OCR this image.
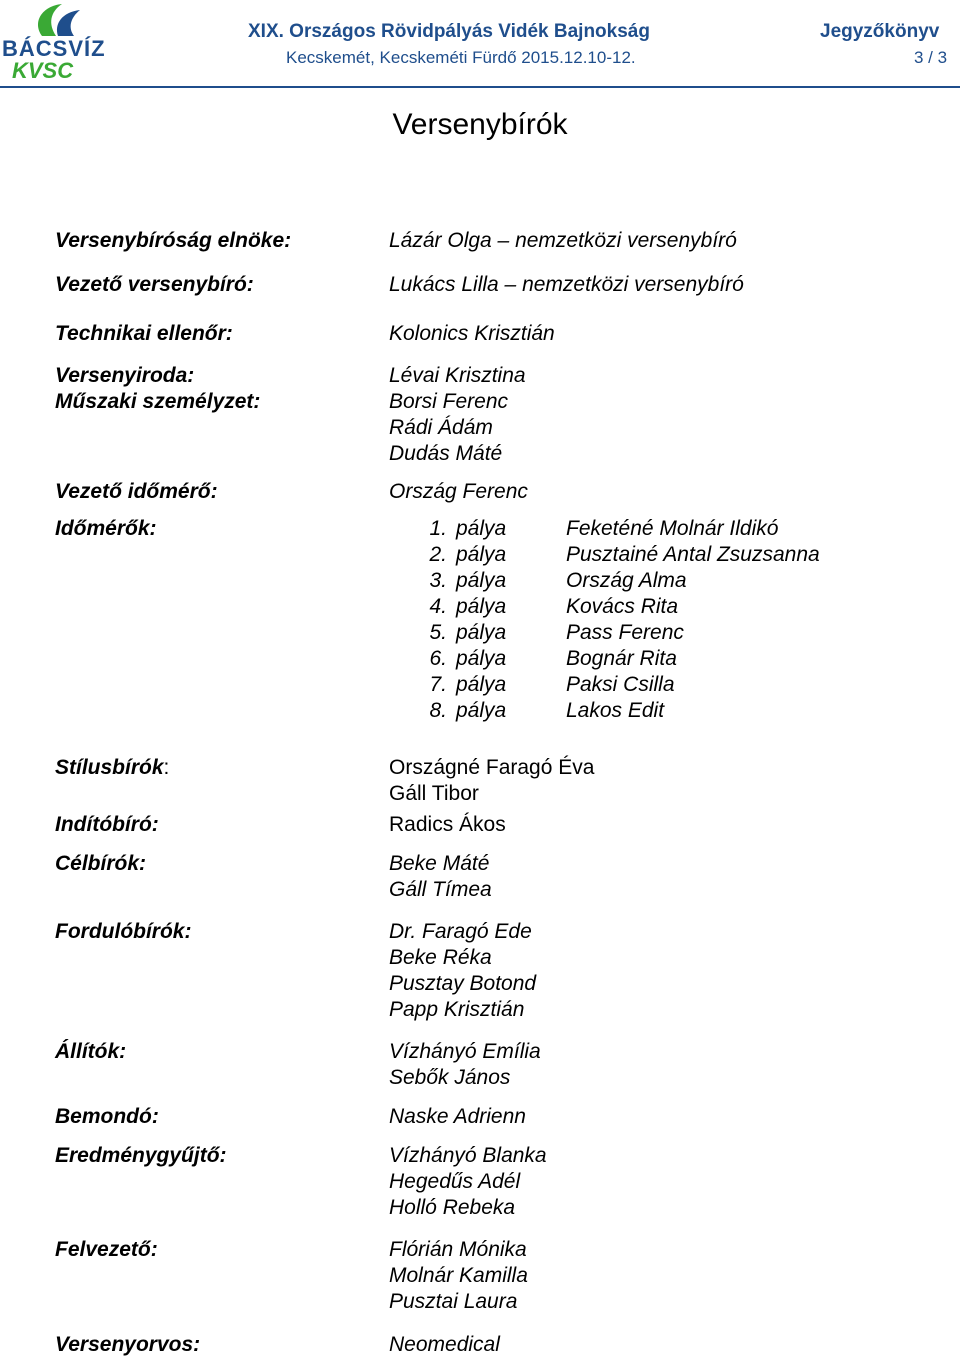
BÁCSVÍZ
KVSC
XIX. Országos Rövidpályás Vidék Bajnokság	Jegyzőkönyv
Kecskemét, Kecskeméti Fürdő 2015.12.10-12.	3 / 3
Versenybírók
Versenybíróság elnöke:	Lázár Olga – nemzetközi versenybíró
Vezető versenybíró:	Lukács Lilla – nemzetközi versenybíró
Technikai ellenőr:	Kolonics Krisztián
Versenyiroda:	Lévai Krisztina
Műszaki személyzet:	Borsi Ferenc
Rádi Ádám
Dudás Máté
Vezető időmérő:	Ország Ferenc
Időmérők:	1. pálya	Feketéné Molnár Ildikó
2. pálya	Pusztainé Antal Zsuzsanna
3. pálya	Ország Alma
4. pálya	Kovács Rita
5. pálya	Pass Ferenc
6. pálya	Bognár Rita
7. pálya	Paksi Csilla
8. pálya	Lakos Edit
Stílusbírók:	Országné Faragó Éva
Gáll Tibor
Indítóbíró:	Radics Ákos
Célbírók:	Beke Máté
Gáll Tímea
Fordulóbírók:	Dr. Faragó Ede
Beke Réka
Pusztay Botond
Papp Krisztián
Állítók:	Vízhányó Emília
Sebők János
Bemondó:	Naske Adrienn
Eredménygyűjtő:	Vízhányó Blanka
Hegedűs Adél
Holló Rebeka
Felvezető:	Flórián Mónika
Molnár Kamilla
Pusztai Laura
Versenyorvos:	Neomedical
